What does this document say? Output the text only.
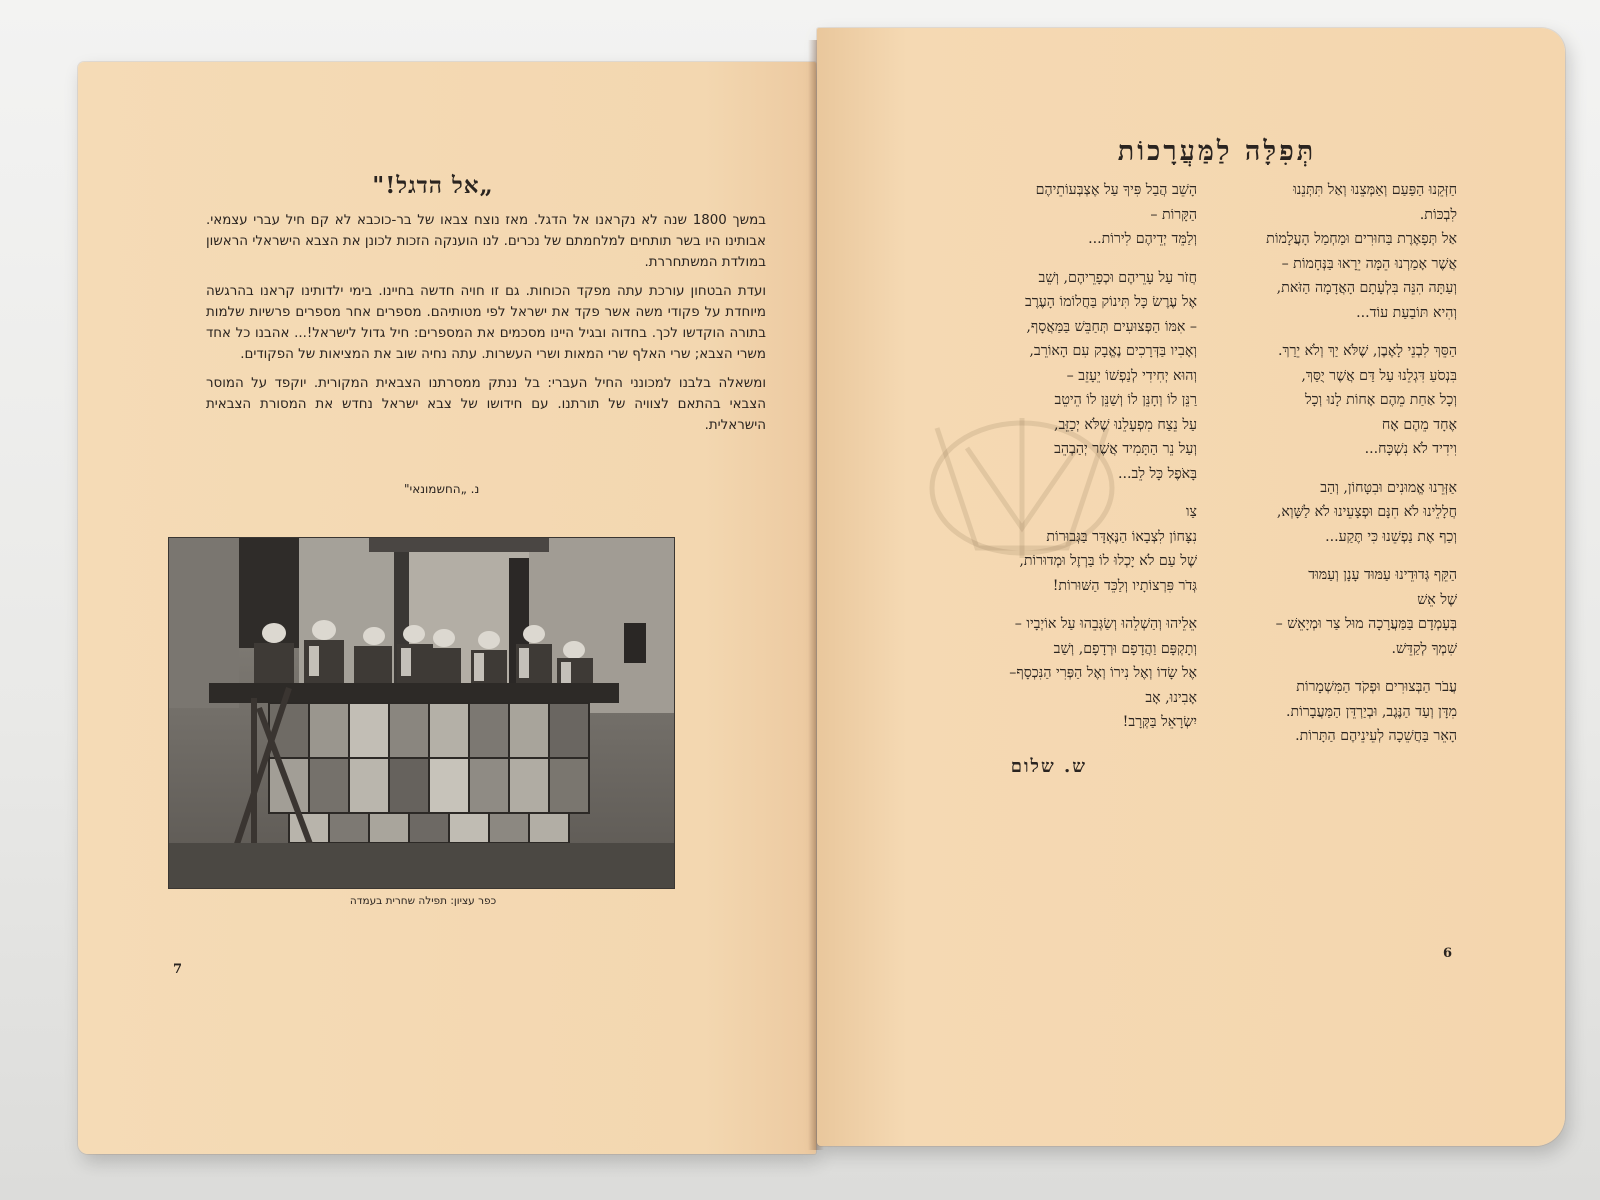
„אל הדגל!"

במשך 1800 שנה לא נקראנו אל הדגל. מאז נוצח צבאו של בר-כוכבא לא קם חיל עברי עצמאי. אבותינו היו בשר תותחים למלחמתם של נכרים. לנו הוענקה הזכות לכונן את הצבא הישראלי הראשון במולדת המשתחררת.

ועדת הבטחון עורכת עתה מפקד הכוחות. גם זו חויה חדשה בחיינו. בימי ילדותינו קראנו בהרגשה מיוחדת על פקודי משה אשר פקד את ישראל לפי מטותיהם. מספרים אחר מספרים פרשיות שלמות בתורה הוקדשו לכך. בחדוה ובגיל היינו מסכמים את המספרים: חיל גדול לישראל!... אהבנו כל אחד משרי הצבא; שרי האלף שרי המאות ושרי העשרות. עתה נחיה שוב את המציאות של הפקודים.

ומשאלה בלבנו למכונני החיל העברי: בל ננתק ממסרתנו הצבאית המקורית. יוקפד על המוסר הצבאי בהתאם לצוויה של תורתנו. עם חידושו של צבא ישראל נחדש את המסורת הצבאית הישראלית.

נ. „החשמונאי"
כפר עציון: תפילה שחרית בעמדה
7
תְּפִלָּה לַמַּעֲרָכוֹת
חַזְּקֵנוּ הַפַּעַם וְאַמְּצֵנוּ וְאַל תִּתְּנֵנוּ
לִבְכּוֹת.
אַל תְּפָאֶרֶת בַּחוּרִים וּמַחְמַל הָעֲלָמוֹת
אֲשֶׁר אָמַרְנוּ הֵמָּה יֵרָאוּ בַּנְּחָמוֹת –
וְעַתָּה הִנֵּה בִּלְעָתָם הָאֲדָמָה הַזֹּאת,
וְהִיא תּוֹבַעַת עוֹד...
הַסֵּךְ לִבְנֵי לָאֶבֶן, שֶׁלֹּא יַךְ וְלֹא יֵרַךְ.
בִּנְסֹעַ דִּגְלֵנוּ עַל דַּם אֲשֶׁר יֻסַּךְ,
וְכָל אַחַת מֵהֶם אָחוֹת לָנוּ וְכָל
אֶחָד מֵהֶם אָח
וִידִיד לֹא נִשְׁכָּח...
אַזְּרֵנוּ אֱמוּנִים וּבִטָּחוֹן, וְהַב
חֲלָלֵינוּ לֹא חִנָּם וּפְצָעֵינוּ לֹא לַשָּׁוְא,
וְכַף אֶת נַפְשֵׁנוּ כִּי תֶּקַע...
הַקֵּף גְּדוּדֵינוּ עַמּוּד עָנָן וְעַמּוּד
שֶׁל אֵשׁ
בְּעָמְדָם בַּמַּעֲרָכָה מוּל צַר וּמְיָאֵשׁ –
שִׁמְךָ לְקַדֵּשׁ.
עֲבֹר הַבְּצוּרִים וּפְקֹד הַמִּשְׁמָרוֹת
מִדָּן וְעַד הַנֶּגֶב, וּבְיַרְדֵּן הַמַּעֲבָרוֹת.
הָאֵר בַּחֲשֵׁכָה לְעֵינֵיהֶם הַתָּרוֹת.
הָשֵׁב הֲבַל פִּיךָ עַל אֶצְבְּעוֹתֵיהֶם
הַקָּרוֹת –
וְלַמֵּד יְדֵיהֶם לִירוֹת...
חֲזֹר עַל עָרֵיהֶם וּכְפָרֵיהֶם, וְשֵׁב
אֶל עֶרֶשׂ כָּל תִּינוֹק בַּחֲלוֹמוֹ הָעֶרֶב
– אִמּוֹ הַפְּצוּעִים תְּחַבֵּשׁ בַּמַּאֲסָף,
וְאָבִיו בַּדְּרָכִים נֶאֱבָק עִם הָאוֹרֵב,
וְהוּא יְחִידִי לְנַפְשׁוֹ יֵעָזֵב –
רַנֵּן לוֹ וְחָנֵּן לוֹ וְשַׁנֵּן לוֹ הֵיטֵב
עַל נֵצַח מִפְעָלֵנוּ שֶׁלֹּא יְכַזֵּב,
וְעַל נֵר הַתָּמִיד אֲשֶׁר יְהַבְהֵב
בָּאֹפֶל כָּל לֵב...
צַו
נִצָּחוֹן לִצְבָאוֹ הַנֶּאְדָּר בַּגְּבוּרוֹת
שֶׁל עַם לֹא יָכְלוּ לוֹ בַּרְזֶל וּמְדוּרוֹת,
גְּדֹר פִּרְצוֹתָיו וְלַכֵּד הַשּׁוּרוֹת!
אֵלֵיהוּ וְהַשְׁלֵהוּ וְשַׂגְּבֵהוּ עַל אוֹיְבָיו –
וְתָקְפָּם וַהֲדָפָם וּרְדָפָם, וְשַׁב
אֶל שָׂדוֹ וְאֶל נִירוֹ וְאֶל הַפְּרִי הַנִּכְסָף–
אָבִינוּ, אָב
יִשְׂרָאֵל בַּקְּרָב!
ש. שלום
6
